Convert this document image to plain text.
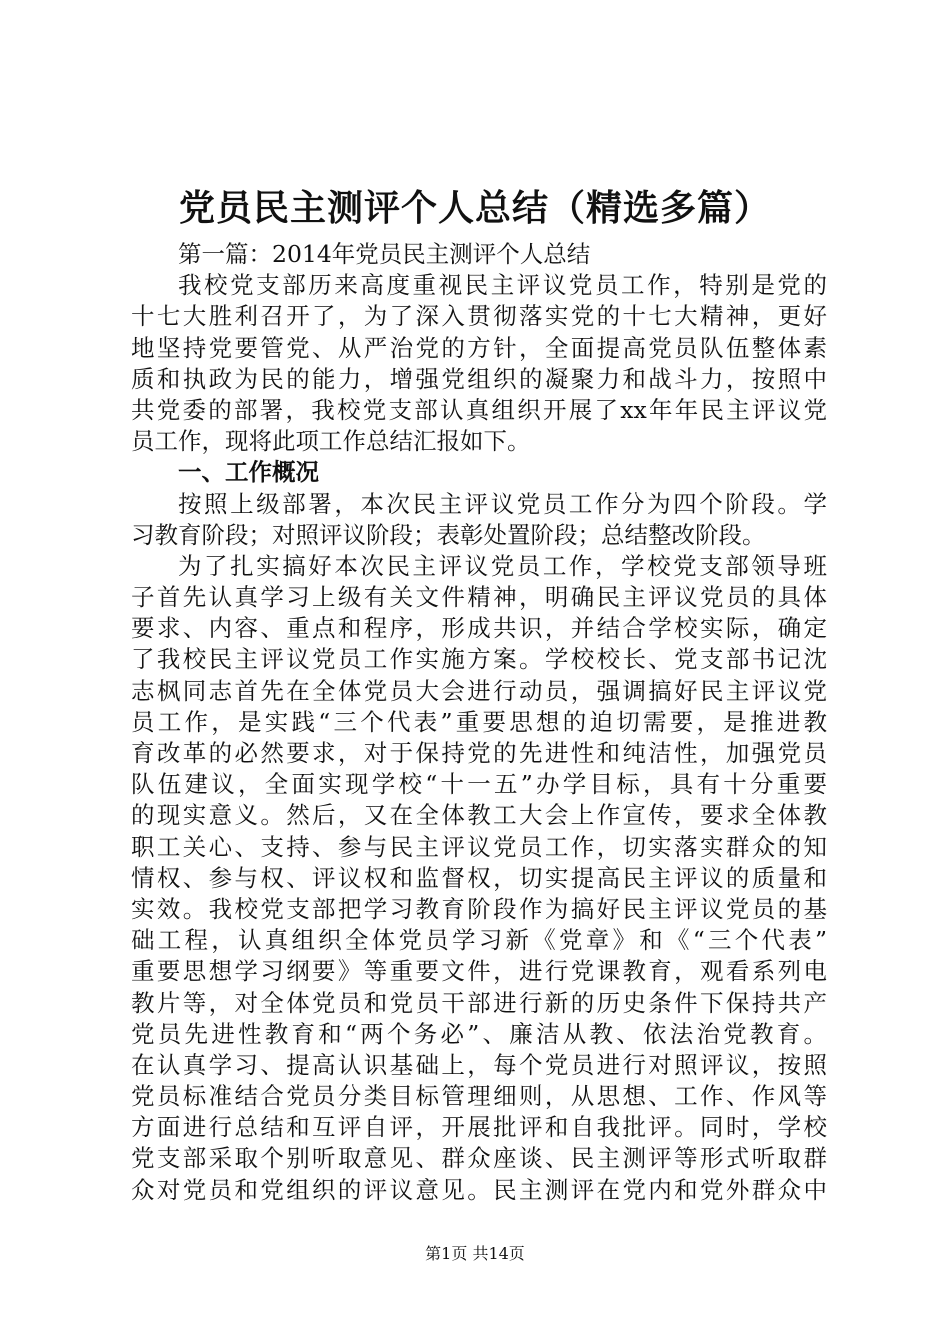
党员民主测评个人总结（精选多篇）
第一篇：2014年党员民主测评个人总结
我校党支部历来高度重视民主评议党员工作，特别是党的
十七大胜利召开了，为了深入贯彻落实党的十七大精神，更好
地坚持党要管党、从严治党的方针，全面提高党员队伍整体素
质和执政为民的能力，增强党组织的凝聚力和战斗力，按照中
共党委的部署，我校党支部认真组织开展了xx年年民主评议党
员工作，现将此项工作总结汇报如下。
一、工作概况
按照上级部署，本次民主评议党员工作分为四个阶段。学
习教育阶段；对照评议阶段；表彰处置阶段；总结整改阶段。
为了扎实搞好本次民主评议党员工作，学校党支部领导班
子首先认真学习上级有关文件精神，明确民主评议党员的具体
要求、内容、重点和程序，形成共识，并结合学校实际，确定
了我校民主评议党员工作实施方案。学校校长、党支部书记沈
志枫同志首先在全体党员大会进行动员，强调搞好民主评议党
员工作，是实践“三个代表”重要思想的迫切需要，是推进教
育改革的必然要求，对于保持党的先进性和纯洁性，加强党员
队伍建议，全面实现学校“十一五”办学目标，具有十分重要
的现实意义。然后，又在全体教工大会上作宣传，要求全体教
职工关心、支持、参与民主评议党员工作，切实落实群众的知
情权、参与权、评议权和监督权，切实提高民主评议的质量和
实效。我校党支部把学习教育阶段作为搞好民主评议党员的基
础工程，认真组织全体党员学习新《党章》和《“三个代表”
重要思想学习纲要》等重要文件，进行党课教育，观看系列电
教片等，对全体党员和党员干部进行新的历史条件下保持共产
党员先进性教育和“两个务必”、廉洁从教、依法治党教育。
在认真学习、提高认识基础上，每个党员进行对照评议，按照
党员标准结合党员分类目标管理细则，从思想、工作、作风等
方面进行总结和互评自评，开展批评和自我批评。同时，学校
党支部采取个别听取意见、群众座谈、民主测评等形式听取群
众对党员和党组织的评议意见。民主测评在党内和党外群众中
第1页 共14页
